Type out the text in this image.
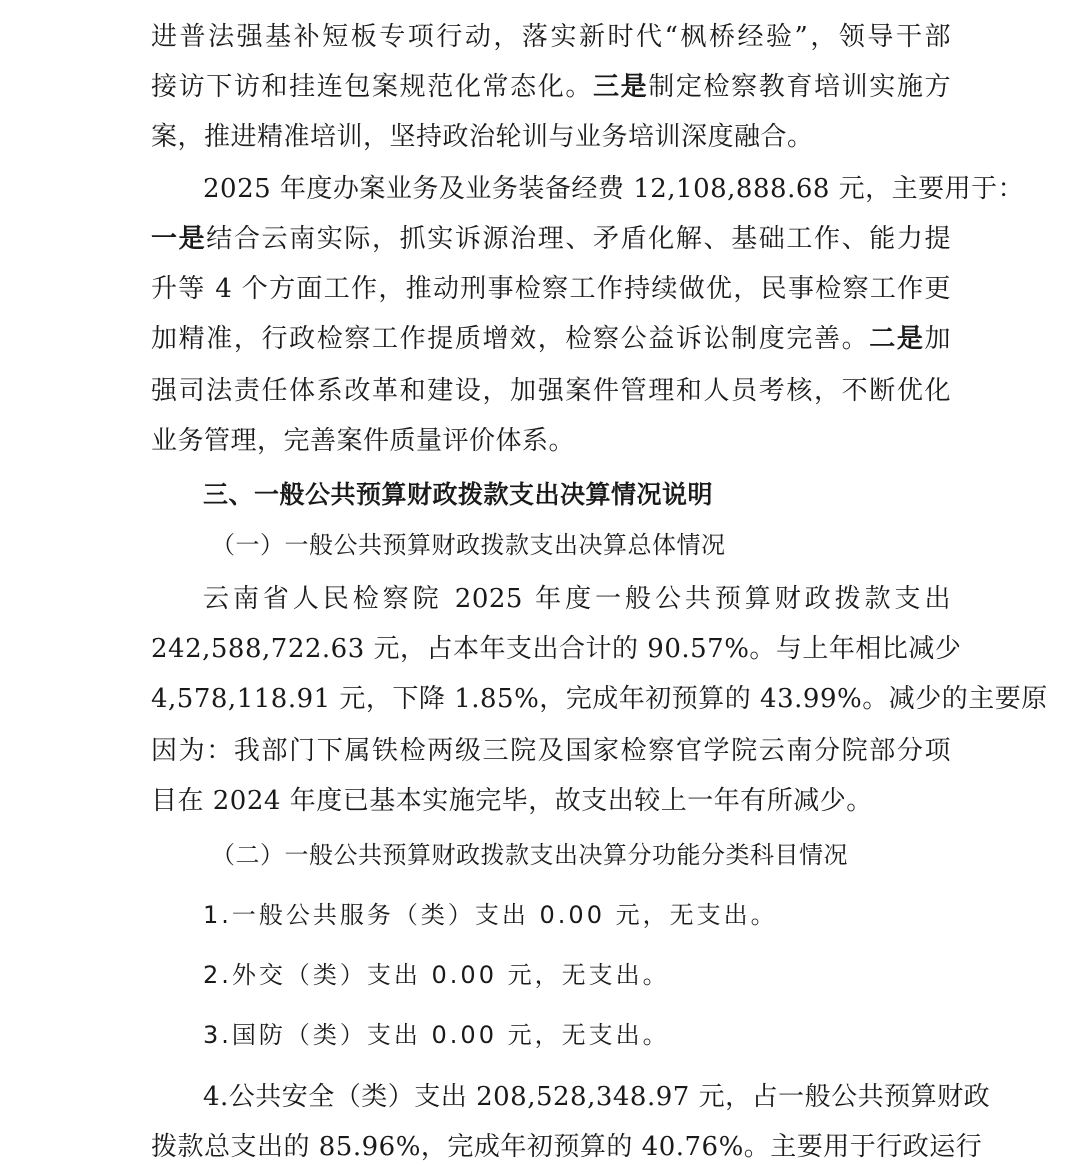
进普法强基补短板专项行动，落实新时代“枫桥经验”，领导干部
接访下访和挂连包案规范化常态化。三是制定检察教育培训实施方
案，推进精准培训，坚持政治轮训与业务培训深度融合。
2025 年度办案业务及业务装备经费 12,108,888.68 元，主要用于：
一是结合云南实际，抓实诉源治理、矛盾化解、基础工作、能力提
升等 4 个方面工作，推动刑事检察工作持续做优，民事检察工作更
加精准，行政检察工作提质增效，检察公益诉讼制度完善。二是加
强司法责任体系改革和建设，加强案件管理和人员考核，不断优化
业务管理，完善案件质量评价体系。
三、一般公共预算财政拨款支出决算情况说明
（一）一般公共预算财政拨款支出决算总体情况
云南省人民检察院 2025 年度一般公共预算财政拨款支出
242,588,722.63 元，占本年支出合计的 90.57%。与上年相比减少
4,578,118.91 元，下降 1.85%，完成年初预算的 43.99%。减少的主要原
因为：我部门下属铁检两级三院及国家检察官学院云南分院部分项
目在 2024 年度已基本实施完毕，故支出较上一年有所减少。
（二）一般公共预算财政拨款支出决算分功能分类科目情况
1.一般公共服务（类）支出 0.00 元，无支出。
2.外交（类）支出 0.00 元，无支出。
3.国防（类）支出 0.00 元，无支出。
4.公共安全（类）支出 208,528,348.97 元，占一般公共预算财政
拨款总支出的 85.96%，完成年初预算的 40.76%。主要用于行政运行
